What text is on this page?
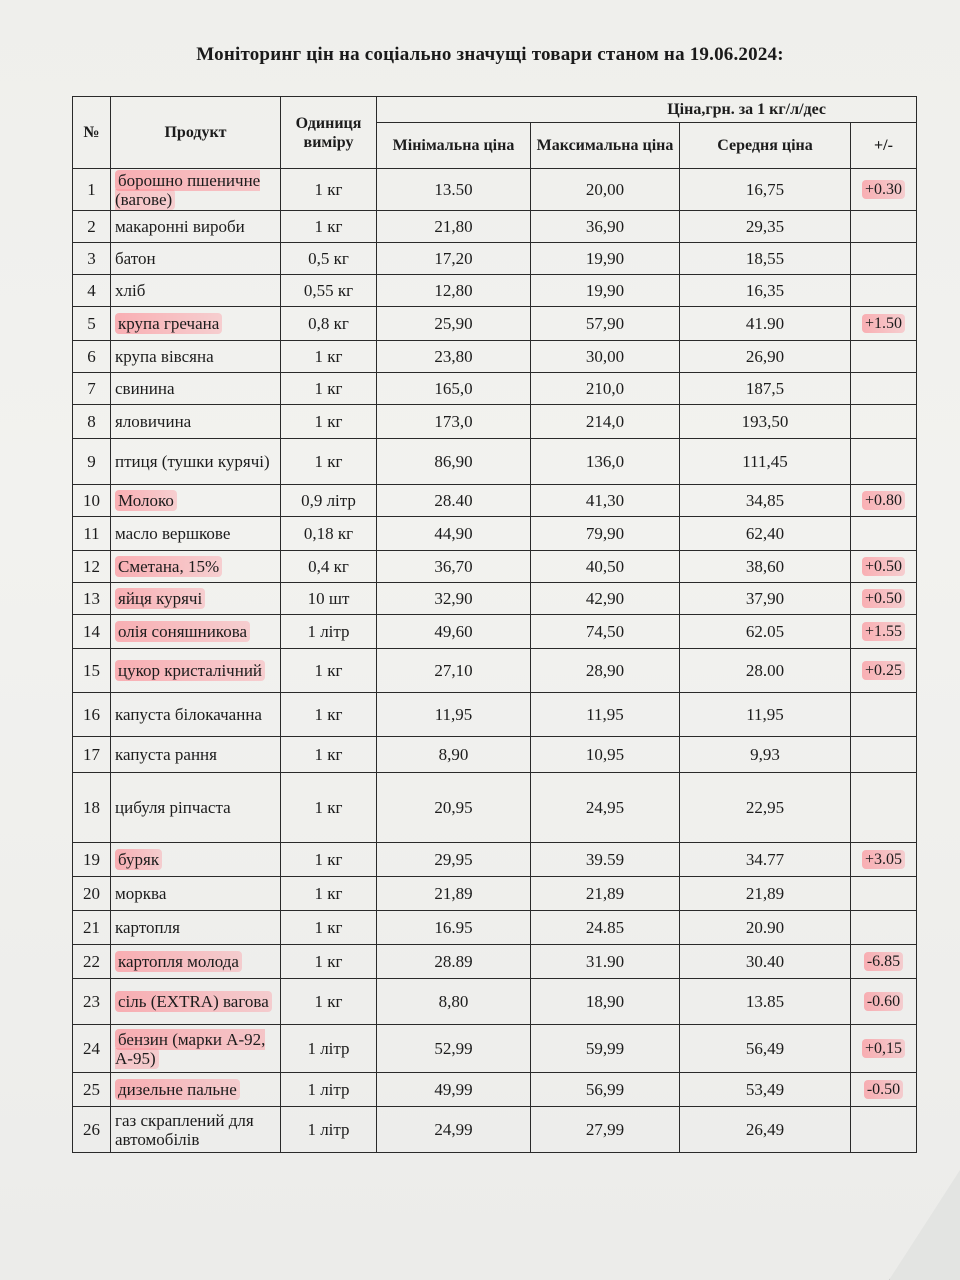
Моніторинг цін на соціально значущі товари станом на 19.06.2024:
№	Продукт	Одиниця виміру	Ціна,грн. за 1 кг/л/дес			
			Мінімальна ціна	Максимальна ціна	Середня ціна	+/-
1	борошно пшеничне (вагове)	1 кг	13.50	20,00	16,75	+0.30
2	макаронні вироби	1 кг	21,80	36,90	29,35	
3	батон	0,5 кг	17,20	19,90	18,55	
4	хліб	0,55 кг	12,80	19,90	16,35	
5	крупа гречана	0,8 кг	25,90	57,90	41.90	+1.50
6	крупа вівсяна	1 кг	23,80	30,00	26,90	
7	свинина	1 кг	165,0	210,0	187,5	
8	яловичина	1 кг	173,0	214,0	193,50	
9	птиця (тушки курячі)	1 кг	86,90	136,0	111,45	
10	Молоко	0,9 літр	28.40	41,30	34,85	+0.80
11	масло вершкове	0,18 кг	44,90	79,90	62,40	
12	Сметана, 15%	0,4 кг	36,70	40,50	38,60	+0.50
13	яйця курячі	10 шт	32,90	42,90	37,90	+0.50
14	олія соняшникова	1 літр	49,60	74,50	62.05	+1.55
15	цукор кристалічний	1 кг	27,10	28,90	28.00	+0.25
16	капуста білокачанна	1 кг	11,95	11,95	11,95	
17	капуста рання	1 кг	8,90	10,95	9,93	
18	цибуля ріпчаста	1 кг	20,95	24,95	22,95	
19	буряк	1 кг	29,95	39.59	34.77	+3.05
20	морква	1 кг	21,89	21,89	21,89	
21	картопля	1 кг	16.95	24.85	20.90	
22	картопля молода	1 кг	28.89	31.90	30.40	-6.85
23	сіль (EXTRA) вагова	1 кг	8,80	18,90	13.85	-0.60
24	бензин (марки А-92, А-95)	1 літр	52,99	59,99	56,49	+0,15
25	дизельне пальне	1 літр	49,99	56,99	53,49	-0.50
26	газ скраплений для автомобілів	1 літр	24,99	27,99	26,49	
